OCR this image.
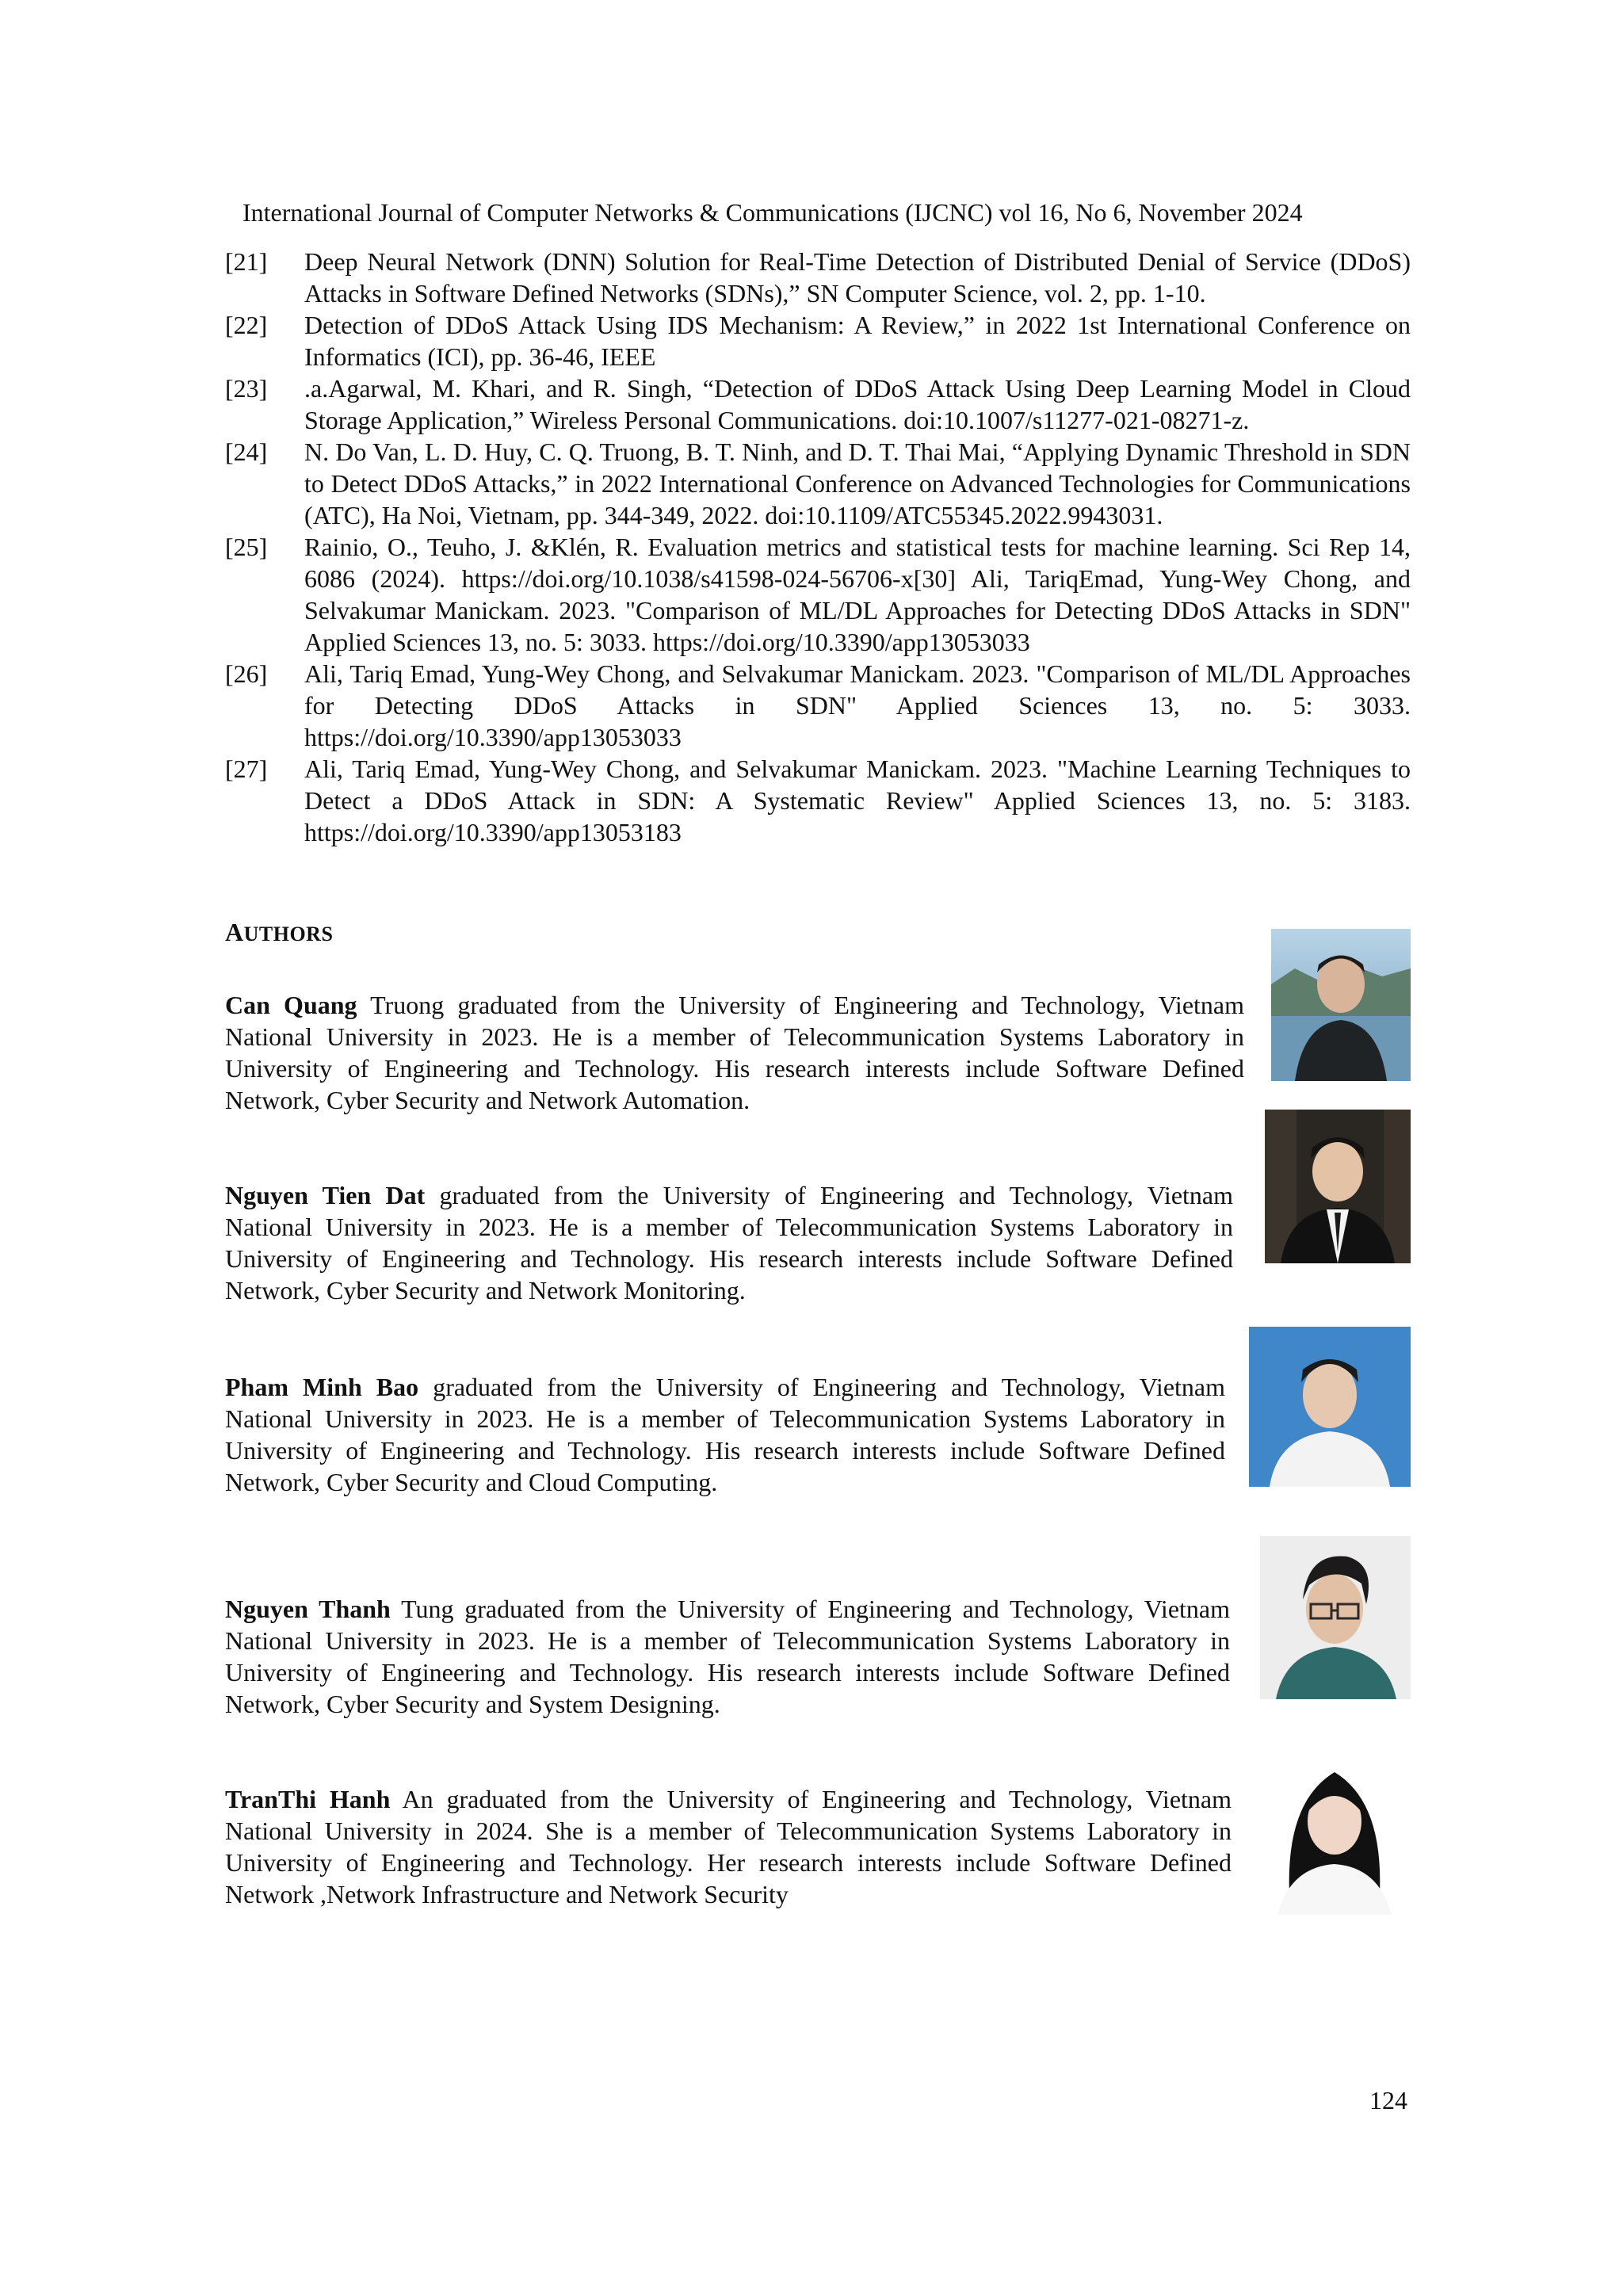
International Journal of Computer Networks & Communications (IJCNC) vol 16, No 6, November 2024
[21]	Deep Neural Network (DNN) Solution for Real-Time Detection of Distributed Denial of Service (DDoS) Attacks in Software Defined Networks (SDNs),” SN Computer Science, vol. 2, pp. 1-10.
[22]	Detection of DDoS Attack Using IDS Mechanism: A Review,” in 2022 1st International Conference on Informatics (ICI), pp. 36-46, IEEE
[23]	.a.Agarwal, M. Khari, and R. Singh, “Detection of DDoS Attack Using Deep Learning Model in Cloud Storage Application,” Wireless Personal Communications. doi:10.1007/s11277-021-08271-z.
[24]	N. Do Van, L. D. Huy, C. Q. Truong, B. T. Ninh, and D. T. Thai Mai, “Applying Dynamic Threshold in SDN to Detect DDoS Attacks,” in 2022 International Conference on Advanced Technologies for Communications (ATC), Ha Noi, Vietnam, pp. 344-349, 2022. doi:10.1109/ATC55345.2022.9943031.
[25]	Rainio, O., Teuho, J. &Klén, R. Evaluation metrics and statistical tests for machine learning. Sci Rep 14, 6086 (2024). https://doi.org/10.1038/s41598-024-56706-x[30] Ali, TariqEmad, Yung-Wey Chong, and Selvakumar Manickam. 2023. "Comparison of ML/DL Approaches for Detecting DDoS Attacks in SDN" Applied Sciences 13, no. 5: 3033. https://doi.org/10.3390/app13053033
[26]	Ali, Tariq Emad, Yung-Wey Chong, and Selvakumar Manickam. 2023. "Comparison of ML/DL Approaches for Detecting DDoS Attacks in SDN" Applied Sciences 13, no. 5: 3033. https://doi.org/10.3390/app13053033
[27]	Ali, Tariq Emad, Yung-Wey Chong, and Selvakumar Manickam. 2023. "Machine Learning Techniques to Detect a DDoS Attack in SDN: A Systematic Review" Applied Sciences 13, no. 5: 3183. https://doi.org/10.3390/app13053183
AUTHORS
Can Quang Truong graduated from the University of Engineering and Technology, Vietnam National University in 2023. He is a member of Telecommunication Systems Laboratory in University of Engineering and Technology. His research interests include Software Defined Network, Cyber Security and Network Automation.
Nguyen Tien Dat graduated from the University of Engineering and Technology, Vietnam National University in 2023. He is a member of Telecommunication Systems Laboratory in University of Engineering and Technology. His research interests include Software Defined Network, Cyber Security and Network Monitoring.
Pham Minh Bao graduated from the University of Engineering and Technology, Vietnam National University in 2023. He is a member of Telecommunication Systems Laboratory in University of Engineering and Technology. His research interests include Software Defined Network, Cyber Security and Cloud Computing.
Nguyen Thanh Tung graduated from the University of Engineering and Technology, Vietnam National University in 2023. He is a member of Telecommunication Systems Laboratory in University of Engineering and Technology. His research interests include Software Defined Network, Cyber Security and System Designing.
TranThi Hanh An graduated from the University of Engineering and Technology, Vietnam National University in 2024. She is a member of Telecommunication Systems Laboratory in University of Engineering and Technology. Her research interests include Software Defined Network ,Network Infrastructure and Network Security
124
